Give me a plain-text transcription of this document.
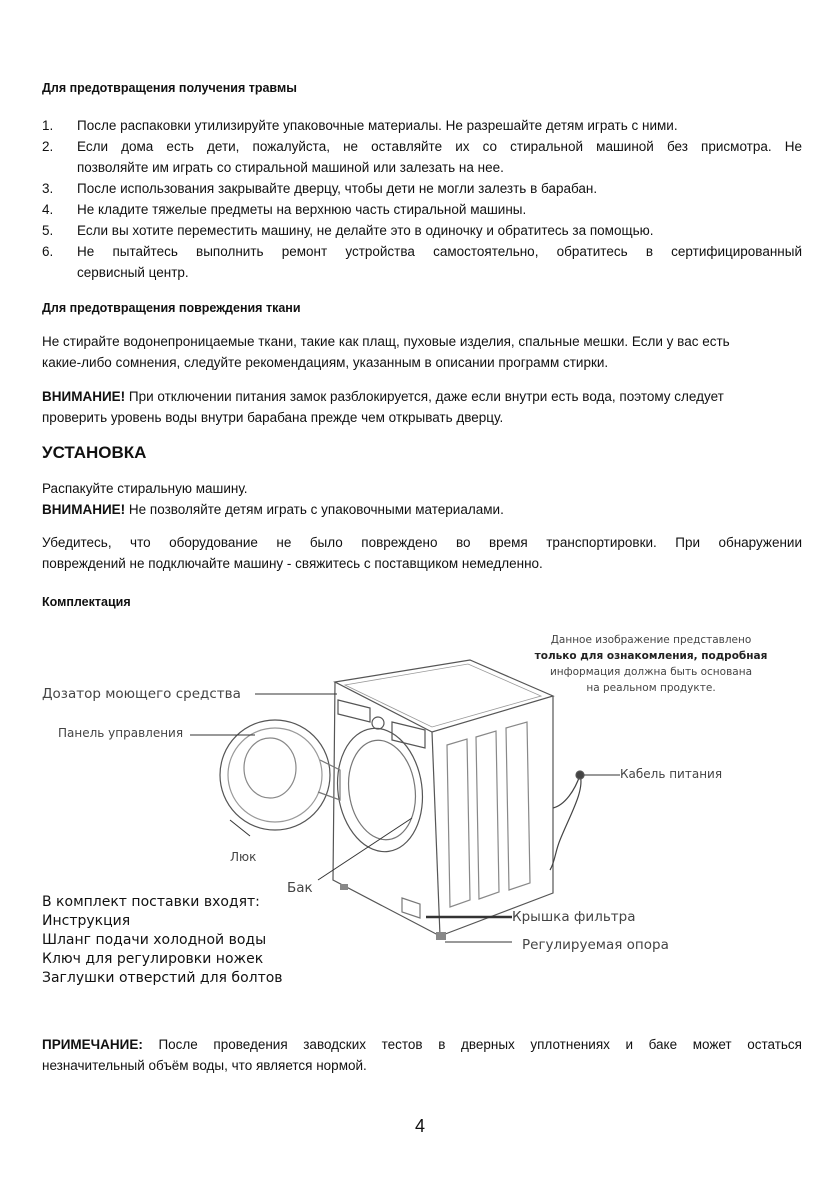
Для предотвращения получения травмы
1.	После распаковки утилизируйте упаковочные материалы. Не разрешайте детям играть с ними.
2.	Если дома есть дети, пожалуйста, не оставляйте их со стиральной машиной без присмотра. Не
позволяйте им играть со стиральной машиной или залезать на нее.
3.	После использования закрывайте дверцу, чтобы дети не могли залезть в барабан.
4.	Не кладите тяжелые предметы на верхнюю часть стиральной машины.
5.	Если вы хотите переместить машину, не делайте это в одиночку и обратитесь за помощью.
6.	Не пытайтесь выполнить ремонт устройства самостоятельно, обратитесь в сертифицированный
сервисный центр.
Для предотвращения повреждения ткани
Не стирайте водонепроницаемые ткани, такие как плащ, пуховые изделия, спальные мешки. Если у вас есть
какие-либо сомнения, следуйте рекомендациям, указанным в описании программ стирки.
ВНИМАНИЕ! При отключении питания замок разблокируется, даже если внутри есть вода, поэтому следует
проверить уровень воды внутри барабана прежде чем открывать дверцу.
УСТАНОВКА
Распакуйте стиральную машину.
ВНИМАНИЕ! Не позволяйте детям играть с упаковочными материалами.
Убедитесь, что оборудование не было повреждено во время транспортировки. При обнаружении
повреждений не подключайте машину - свяжитесь с поставщиком немедленно.
Комплектация
Данное изображение представлено
только для ознакомления, подробная
информация должна быть основана
на реальном продукте.
Дозатор моющего средства
Панель управления
Кабель питания
Люк
Бак
Крышка фильтра
Регулируемая опора
В комплект поставки входят:
Инструкция
Шланг подачи холодной воды
Ключ для регулировки ножек
Заглушки отверстий для болтов
ПРИМЕЧАНИЕ: После проведения заводских тестов в дверных уплотнениях и баке может остаться
незначительный объём воды, что является нормой.
4
